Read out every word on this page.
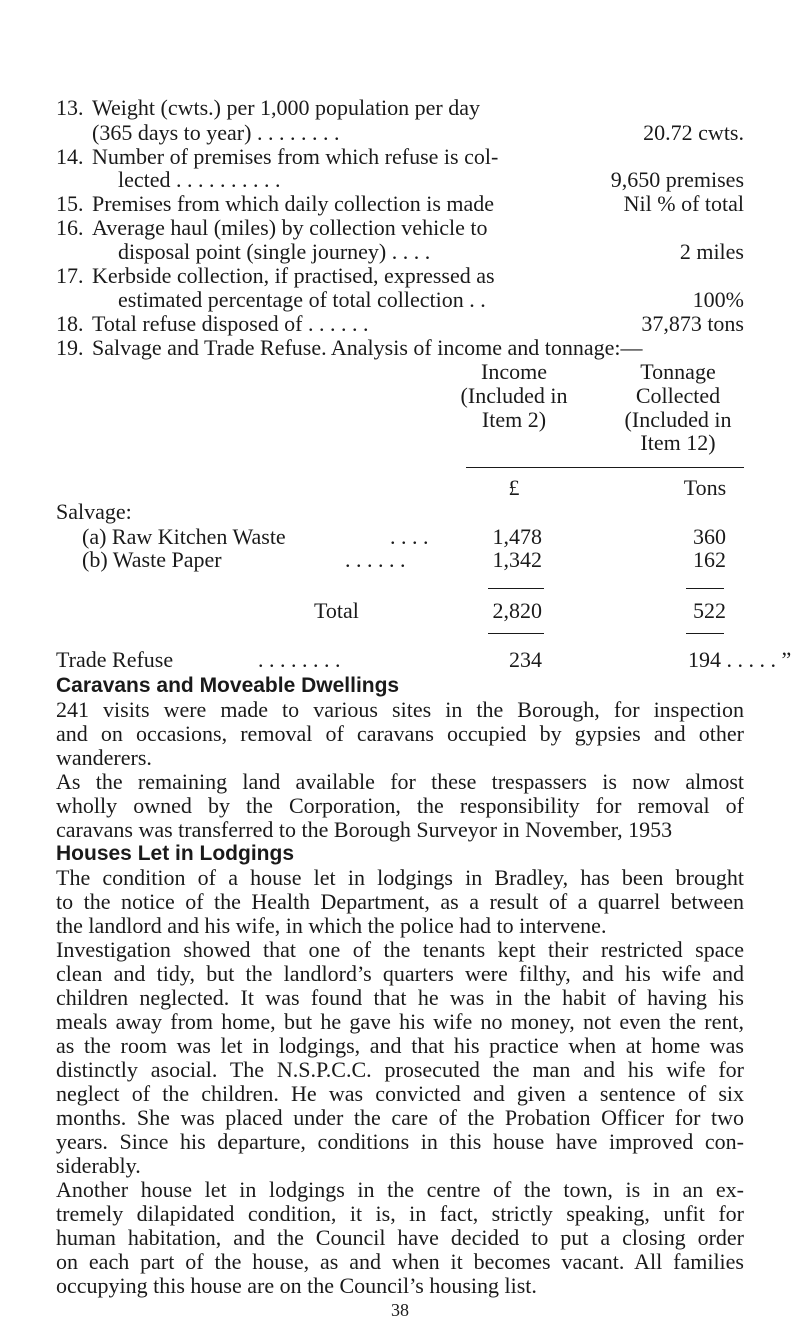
13. Weight (cwts.) per 1,000 population per day
(365 days to year) . . . . . . . .	20.72 cwts.
14. Number of premises from which refuse is col-
lected . . . . . . . . . .	9,650 premises
15. Premises from which daily collection is made	Nil % of total
16. Average haul (miles) by collection vehicle to
disposal point (single journey) . . . .	2 miles
17. Kerbside collection, if practised, expressed as
estimated percentage of total collection . .	100%
18. Total refuse disposed of . . . . . .	37,873 tons
19. Salvage and Trade Refuse. Analysis of income and tonnage:—
Income
(Included in
Item 2)
Tonnage
Collected
(Included in
Item 12)
£	Tons
Salvage:
(a) Raw Kitchen Waste	. . . .	1,478	360
(b) Waste Paper	. . . . . .	1,342	162
Total	2,820	522
Trade Refuse	. . . . . . . .	234	194 . . . . . ”
Caravans and Moveable Dwellings
241 visits were made to various sites in the Borough, for inspection
and on occasions, removal of caravans occupied by gypsies and other
wanderers.
As the remaining land available for these trespassers is now almost
wholly owned by the Corporation, the responsibility for removal of
caravans was transferred to the Borough Surveyor in November, 1953
Houses Let in Lodgings
The condition of a house let in lodgings in Bradley, has been brought
to the notice of the Health Department, as a result of a quarrel between
the landlord and his wife, in which the police had to intervene.
Investigation showed that one of the tenants kept their restricted space
clean and tidy, but the landlord’s quarters were filthy, and his wife and
children neglected. It was found that he was in the habit of having his
meals away from home, but he gave his wife no money, not even the rent,
as the room was let in lodgings, and that his practice when at home was
distinctly asocial. The N.S.P.C.C. prosecuted the man and his wife for
neglect of the children. He was convicted and given a sentence of six
months. She was placed under the care of the Probation Officer for two
years. Since his departure, conditions in this house have improved con-
siderably.
Another house let in lodgings in the centre of the town, is in an ex-
tremely dilapidated condition, it is, in fact, strictly speaking, unfit for
human habitation, and the Council have decided to put a closing order
on each part of the house, as and when it becomes vacant. All families
occupying this house are on the Council’s housing list.
38
